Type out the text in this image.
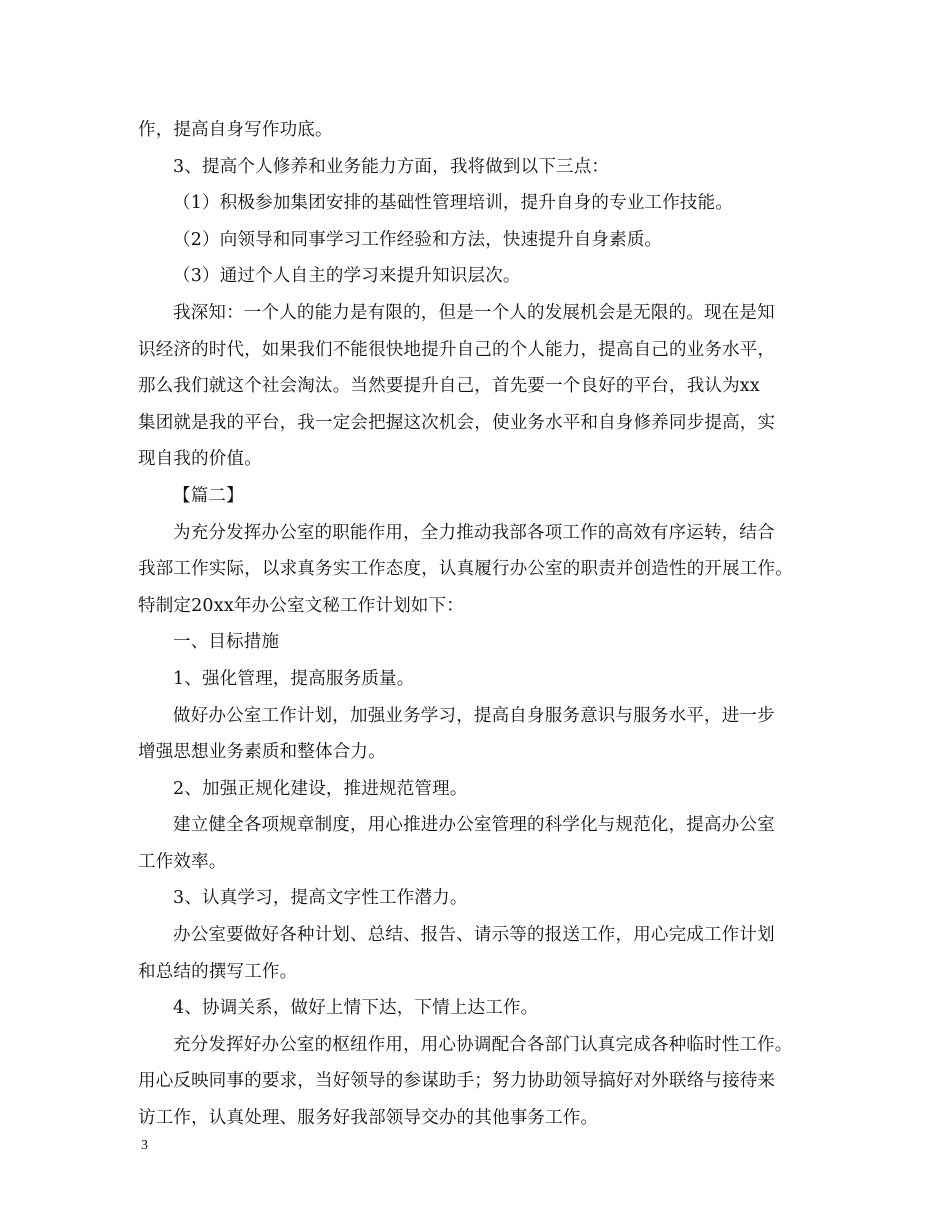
作，提高自身写作功底。
3、提高个人修养和业务能力方面，我将做到以下三点：
（1）积极参加集团安排的基础性管理培训，提升自身的专业工作技能。
（2）向领导和同事学习工作经验和方法，快速提升自身素质。
（3）通过个人自主的学习来提升知识层次。
我深知：一个人的能力是有限的，但是一个人的发展机会是无限的。现在是知
识经济的时代，如果我们不能很快地提升自己的个人能力，提高自己的业务水平，
那么我们就这个社会淘汰。当然要提升自己，首先要一个良好的平台，我认为xx
集团就是我的平台，我一定会把握这次机会，使业务水平和自身修养同步提高，实
现自我的价值。
【篇二】
为充分发挥办公室的职能作用，全力推动我部各项工作的高效有序运转，结合
我部工作实际，以求真务实工作态度，认真履行办公室的职责并创造性的开展工作。
特制定20xx年办公室文秘工作计划如下：
一、目标措施
1、强化管理，提高服务质量。
做好办公室工作计划，加强业务学习，提高自身服务意识与服务水平，进一步
增强思想业务素质和整体合力。
2、加强正规化建设，推进规范管理。
建立健全各项规章制度，用心推进办公室管理的科学化与规范化，提高办公室
工作效率。
3、认真学习，提高文字性工作潜力。
办公室要做好各种计划、总结、报告、请示等的报送工作，用心完成工作计划
和总结的撰写工作。
4、协调关系，做好上情下达，下情上达工作。
充分发挥好办公室的枢纽作用，用心协调配合各部门认真完成各种临时性工作。
用心反映同事的要求，当好领导的参谋助手；努力协助领导搞好对外联络与接待来
访工作，认真处理、服务好我部领导交办的其他事务工作。
3
